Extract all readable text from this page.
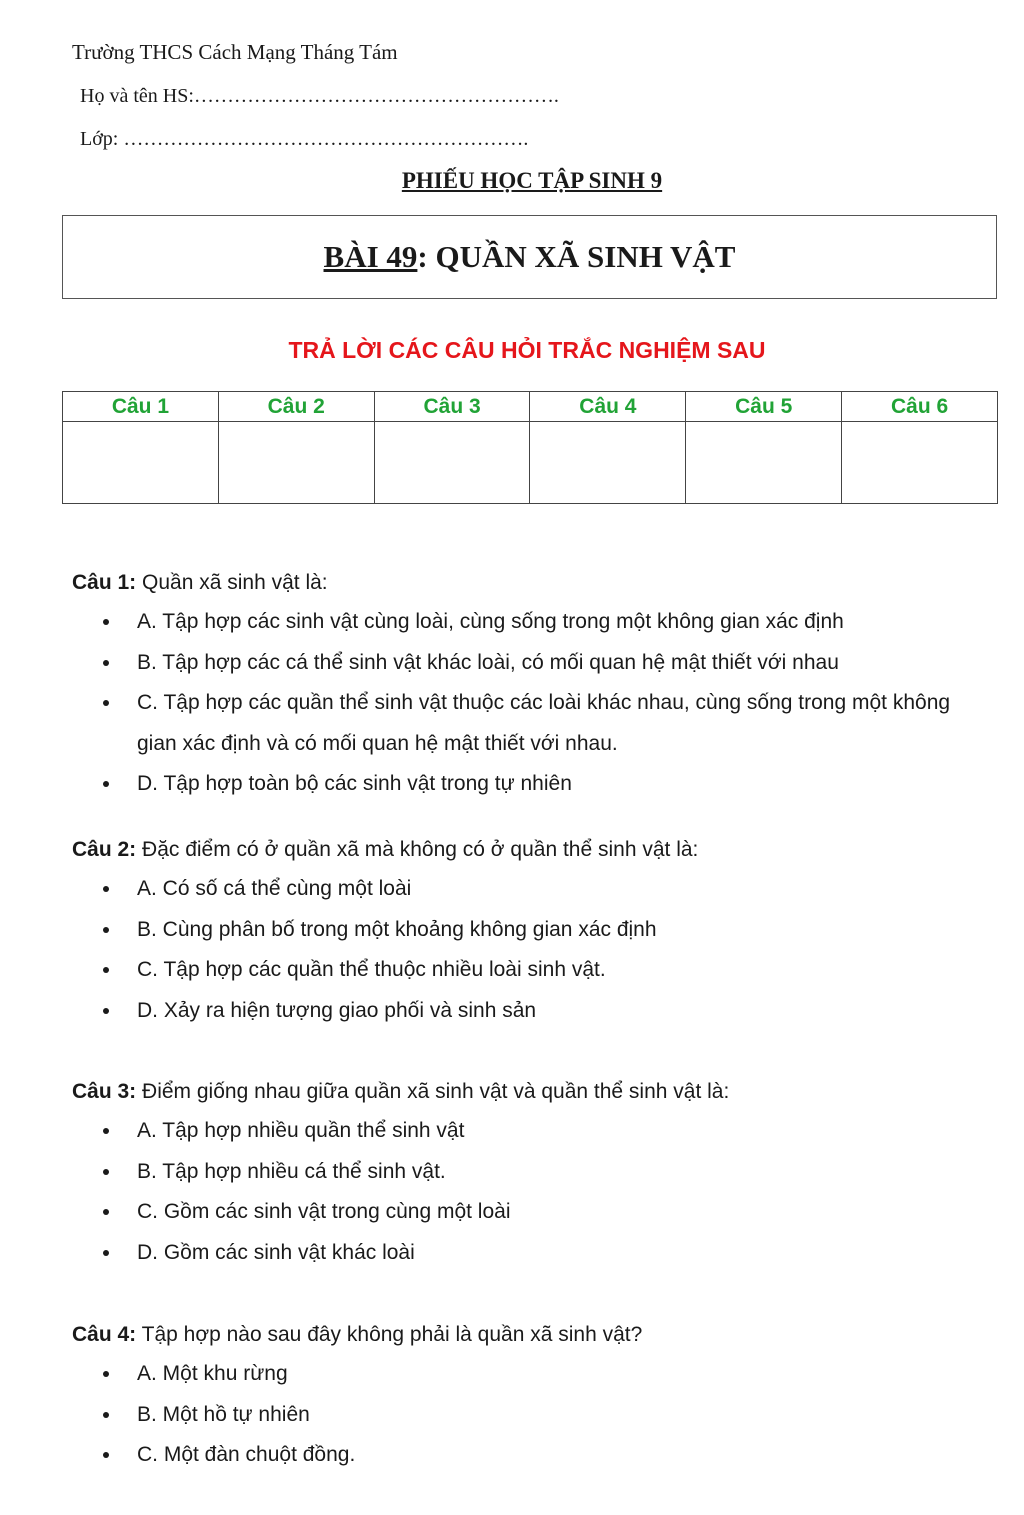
Trường THCS Cách Mạng Tháng Tám
Họ và tên HS:……………………………………………….
Lớp: …………………………………………………….
PHIẾU HỌC TẬP SINH 9
BÀI 49 : QUẦN XÃ SINH VẬT
TRẢ LỜI CÁC CÂU HỎI TRẮC NGHIỆM SAU
Câu 1	Câu 2	Câu 3	Câu 4	Câu 5	Câu 6

Câu 1: Quần xã sinh vật là:
A. Tập hợp các sinh vật cùng loài, cùng sống trong một không gian xác định
B. Tập hợp các cá thể sinh vật khác loài, có mối quan hệ mật thiết với nhau
C. Tập hợp các quần thể sinh vật thuộc các loài khác nhau, cùng sống trong một không gian xác định và có mối quan hệ mật thiết với nhau.
D. Tập hợp toàn bộ các sinh vật trong tự nhiên
Câu 2: Đặc điểm có ở quần xã mà không có ở quần thể sinh vật là:
A. Có số cá thể cùng một loài
B. Cùng phân bố trong một khoảng không gian xác định
C. Tập hợp các quần thể thuộc nhiều loài sinh vật.
D. Xảy ra hiện tượng giao phối và sinh sản
Câu 3: Điểm giống nhau giữa quần xã sinh vật và quần thể sinh vật là:
A. Tập hợp nhiều quần thể sinh vật
B. Tập hợp nhiều cá thể sinh vật.
C. Gồm các sinh vật trong cùng một loài
D. Gồm các sinh vật khác loài
Câu 4: Tập hợp nào sau đây không phải là quần xã sinh vật?
A. Một khu rừng
B. Một hồ tự nhiên
C. Một đàn chuột đồng.
